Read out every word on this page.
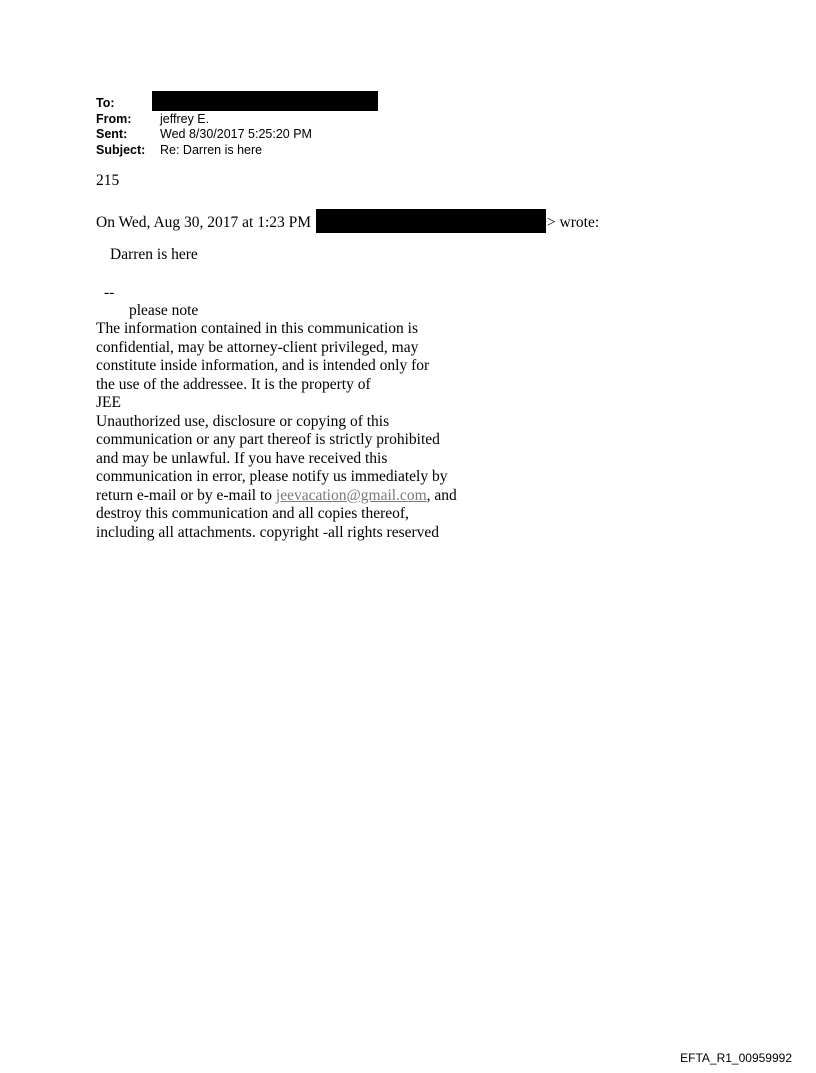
To:
From:	jeffrey E.
Sent:	Wed 8/30/2017 5:25:20 PM
Subject:	Re: Darren is here
215
On Wed, Aug 30, 2017 at 1:23 PM	> wrote:
Darren is here
--
please note
The information contained in this communication is
confidential, may be attorney-client privileged, may
constitute inside information, and is intended only for
the use of the addressee. It is the property of
JEE
Unauthorized use, disclosure or copying of this
communication or any part thereof is strictly prohibited
and may be unlawful. If you have received this
communication in error, please notify us immediately by
return e-mail or by e-mail to jeevacation@gmail.com, and
destroy this communication and all copies thereof,
including all attachments. copyright -all rights reserved
EFTA_R1_00959992
